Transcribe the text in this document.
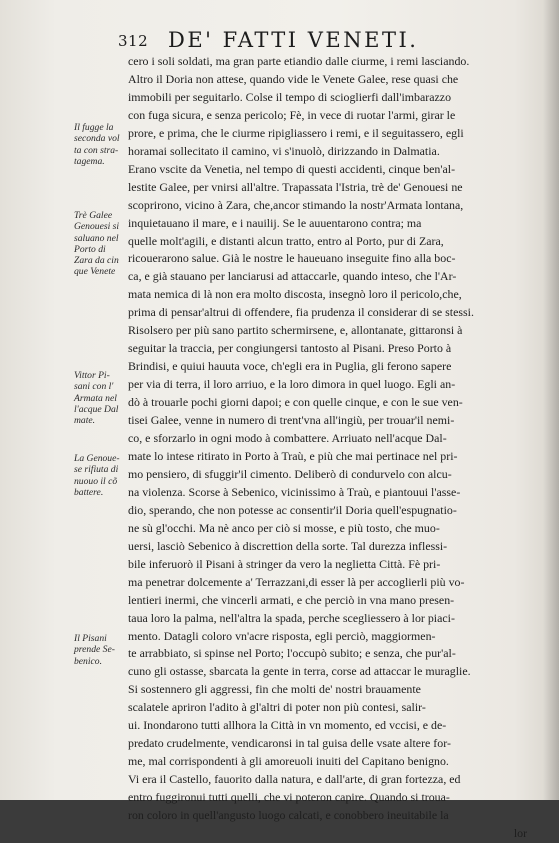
312 DE' FATTI VENETI.
cero i soli soldati, ma gran parte etiandio dalle ciurme, i remi lasciando.
Altro il Doria non attese, quando vide le Venete Galee, resе quasi che
immobili per seguitarlo. Colse il tempo di scioglierfi dall'imbarazzo
con fuga sicura, e senza pericolo; Fè, in vece di ruotar l'armi, girar le
prore, e prima, che le ciurme ripigliassero i remi, e il seguitassero, egli
horamai sollecitato il camino, vi s'inuolò, dirizzando in Dalmatia.
Erano vscite da Venetia, nel tempo di questi accidenti, cinque ben'al-
lestite Galee, per vnirsi all'altre. Trapassata l'Istria, trè de' Genouesi ne
scoprirono, vicino à Zara, che,ancor stimando la nostr'Armata lontana,
inquietauano il mare, e i nauilij. Se le auuentarono contra; ma
quelle molt'agili, e distanti alcun tratto, entro al Porto, pur di Zara,
ricouerarono salue. Già le nostre le haueuano inseguite fino alla boc-
ca, e già stauano per lanciarusi ad attaccarle, quando inteso, che l'Ar-
mata nemica di là non era molto discosta, insegnò loro il pericolo,che,
prima di pensar'altrui di offendere, fia prudenza il considerar di se stessi.
Risolsero per più sano partito schermirsene, e, allontanate, gittaronsi à
seguitar la traccia, per congiungersi tantosto al Pisani. Preso Porto à
Brindisi, e quiui hauuta voce, ch'egli era in Puglia, gli ferono sapere
per via di terra, il loro arriuo, e la loro dimora in quel luogo. Egli an-
dò à trouarle pochi giorni dapoi; e con quelle cinque, e con le sue ven-
tisei Galee, venne in numero di trent'vna all'ingiù, per trouar'il nemi-
co, e sforzarlo in ogni modo à combattere. Arriuato nell'acque Dal-
mate lo intese ritirato in Porto à Traù, e più che mai pertinace nel pri-
mo pensiero, di sfuggir'il cimento. Deliberò di condurvelo con alcu-
na violenza. Scorse à Sebenico, vicinissimo à Traù, e piantouui l'asse-
dio, sperando, che non potesse ac consentir'il Doria quell'espugnatio-
ne sù gl'occhi. Ma nè anco per ciò si mosse, e più tosto, che muo-
uersi, lasciò Sebenico à discrettion della sorte. Tal durezza inflessi-
bile inferuorò il Pisani à stringer da vero la neglietta Città. Fè pri-
ma penetrar dolcemente a' Terrazzani,di esser là per accoglierli più vo-
lentieri inermi, che vincerli armati, e che perciò in vna mano presen-
taua loro la palma, nell'altra la spada, perche scegliessero à lor piaci-
mento. Datagli coloro vn'acre risposta, egli perciò, maggiormen-
te arrabbiato, si spinse nel Porto; l'occupò subito; e senza, che pur'al-
cuno gli ostasse, sbarcata la gente in terra, corse ad attaccar le muraglie.
Si sostennero gli aggressi, fin che molti de' nostri brauamente
scalatele apriron l'adito à gl'altri di poter non più contesi, salir-
ui. Inondarono tutti allhora la Città in vn momento, ed vccisi, e de-
predato crudelmente, vendicaronsi in tal guisa delle vsate altere for-
me, mal corrispondenti à gli amoreuoli inuiti del Capitano benigno.
Vi era il Castello, fauorito dalla natura, e dall'arte, di gran fortezza, ed
entro fuggironui tutti quelli, che vi poteron capire. Quando si troua-
ron coloro in quell'angusto luogo calcati, e conobbero ineuitabile la
lor
Il fugge la
seconda vol
ta con stra-
tagema.
Trè Galee
Genouesi si
saluano nel
Porto di
Zara da cin
que Venete
Vittor Pi-
sani con l'
Armata nel
l'acque Dal
mate.
La Genoue-
se rifiuta di
nuouo il cõ
battere.
Il Pisani
prende Se-
benico.
